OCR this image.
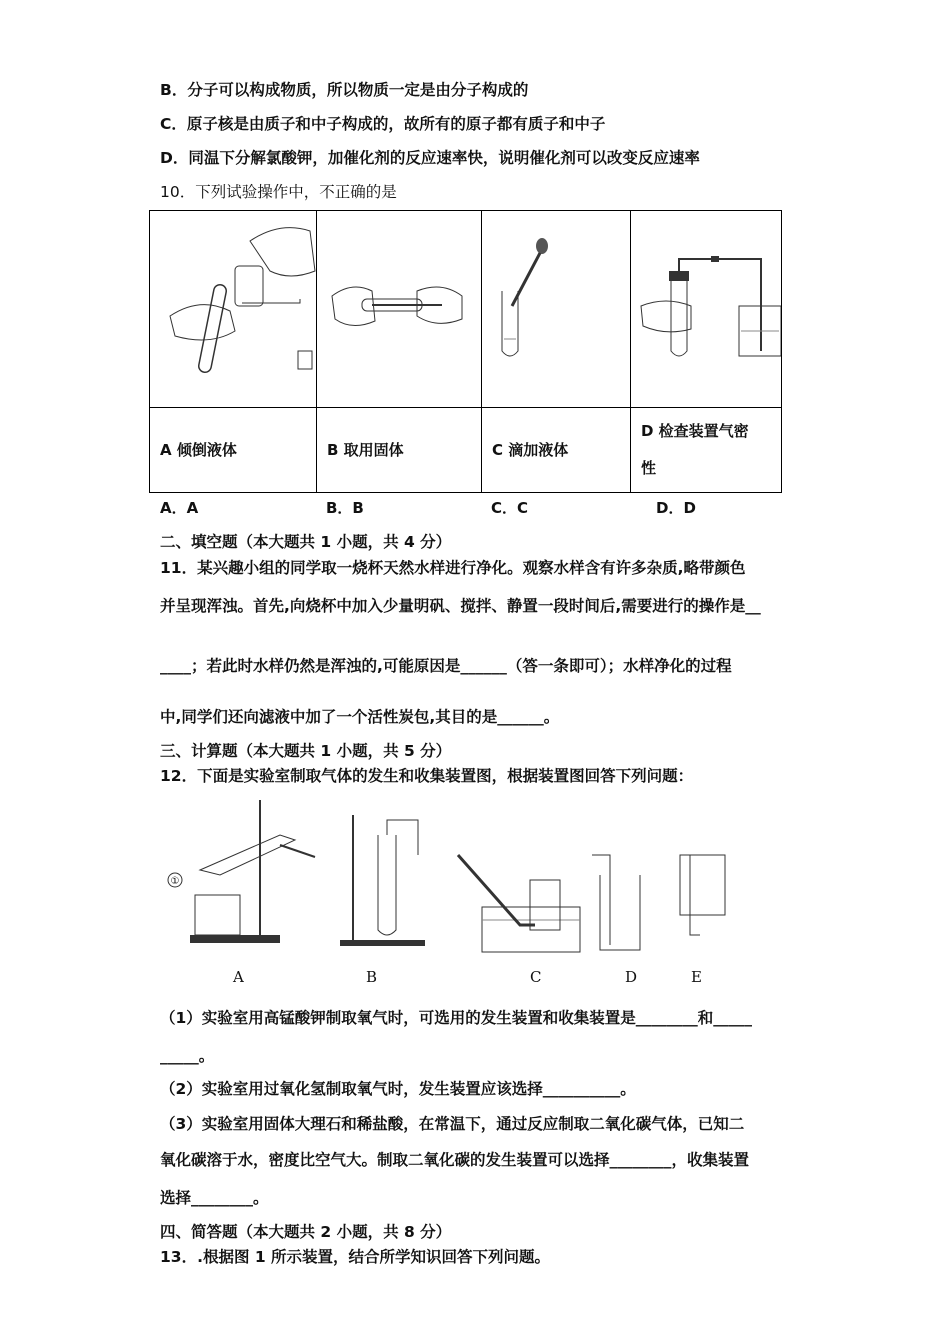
B．分子可以构成物质，所以物质一定是由分子构成的
C．原子核是由质子和中子构成的，故所有的原子都有质子和中子
D．同温下分解氯酸钾，加催化剂的反应速率快，说明催化剂可以改变反应速率
10．下列试验操作中，不正确的是

A 倾倒液体	B 取用固体	C 滴加液体	D 检查装置气密
性
A．A	B．B	C．C	D．D
二、填空题（本大题共 1 小题，共 4 分）
11．某兴趣小组的同学取一烧杯天然水样进行净化。观察水样含有许多杂质,略带颜色
并呈现浑浊。首先,向烧杯中加入少量明矾、搅拌、静置一段时间后,需要进行的操作是__
____；若此时水样仍然是浑浊的,可能原因是______（答一条即可）；水样净化的过程
中,同学们还向滤液中加了一个活性炭包,其目的是______。
三、计算题（本大题共 1 小题，共 5 分）
12．下面是实验室制取气体的发生和收集装置图，根据装置图回答下列问题：
①
A	B	C	D	E
（1）实验室用高锰酸钾制取氧气时，可选用的发生装置和收集装置是________和_____
_____。
（2）实验室用过氧化氢制取氧气时，发生装置应该选择__________。
（3）实验室用固体大理石和稀盐酸，在常温下，通过反应制取二氧化碳气体，已知二
氧化碳溶于水，密度比空气大。制取二氧化碳的发生装置可以选择________，收集装置
选择________。
四、简答题（本大题共 2 小题，共 8 分）
13．.根据图 1 所示装置，结合所学知识回答下列问题。
